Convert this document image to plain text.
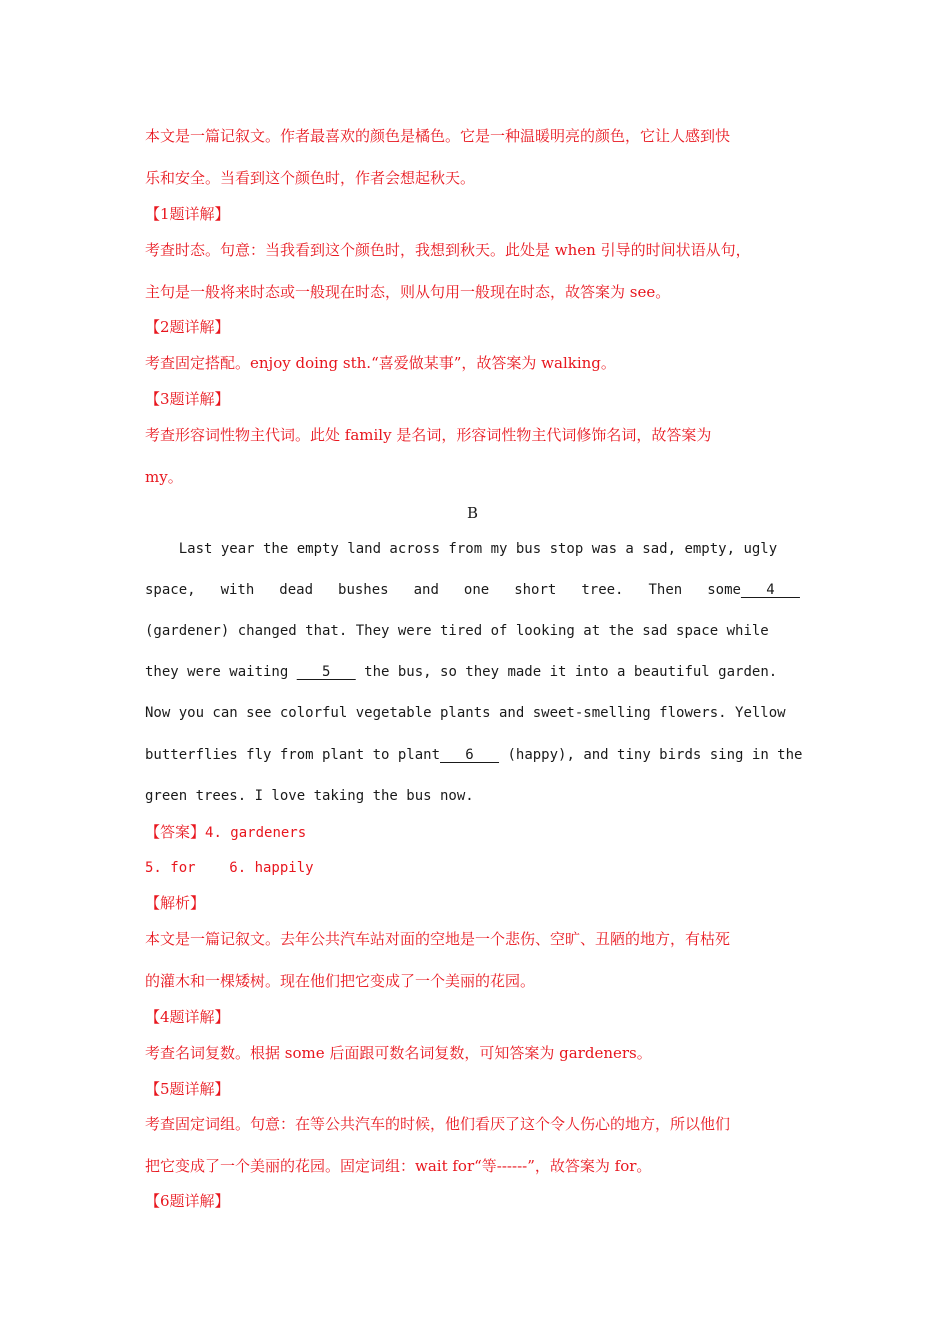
本文是一篇记叙文。作者最喜欢的颜色是橘色。它是一种温暖明亮的颜色，它让人感到快
乐和安全。当看到这个颜色时，作者会想起秋天。
【1题详解】
考查时态。句意：当我看到这个颜色时，我想到秋天。此处是 when 引导的时间状语从句，
主句是一般将来时态或一般现在时态，则从句用一般现在时态，故答案为 see。
【2题详解】
考查固定搭配。enjoy doing sth.“喜爱做某事”，故答案为 walking。
【3题详解】
考查形容词性物主代词。此处 family 是名词，形容词性物主代词修饰名词，故答案为
my。
B
Last year the empty land across from my bus stop was a sad, empty, ugly
space, with dead bushes and one short tree. Then some   4
(gardener) changed that. They were tired of looking at the sad space while
they were waiting    5    the bus, so they made it into a beautiful garden.
Now you can see colorful vegetable plants and sweet-smelling flowers. Yellow
butterflies fly from plant to plant   6    (happy), and tiny birds sing in the
green trees. I love taking the bus now.
【答案】4. gardeners
5. for    6. happily
【解析】
本文是一篇记叙文。去年公共汽车站对面的空地是一个悲伤、空旷、丑陋的地方，有枯死
的灌木和一棵矮树。现在他们把它变成了一个美丽的花园。
【4题详解】
考查名词复数。根据 some 后面跟可数名词复数，可知答案为 gardeners。
【5题详解】
考查固定词组。句意：在等公共汽车的时候，他们看厌了这个令人伤心的地方，所以他们
把它变成了一个美丽的花园。固定词组：wait for“等------”，故答案为 for。
【6题详解】
